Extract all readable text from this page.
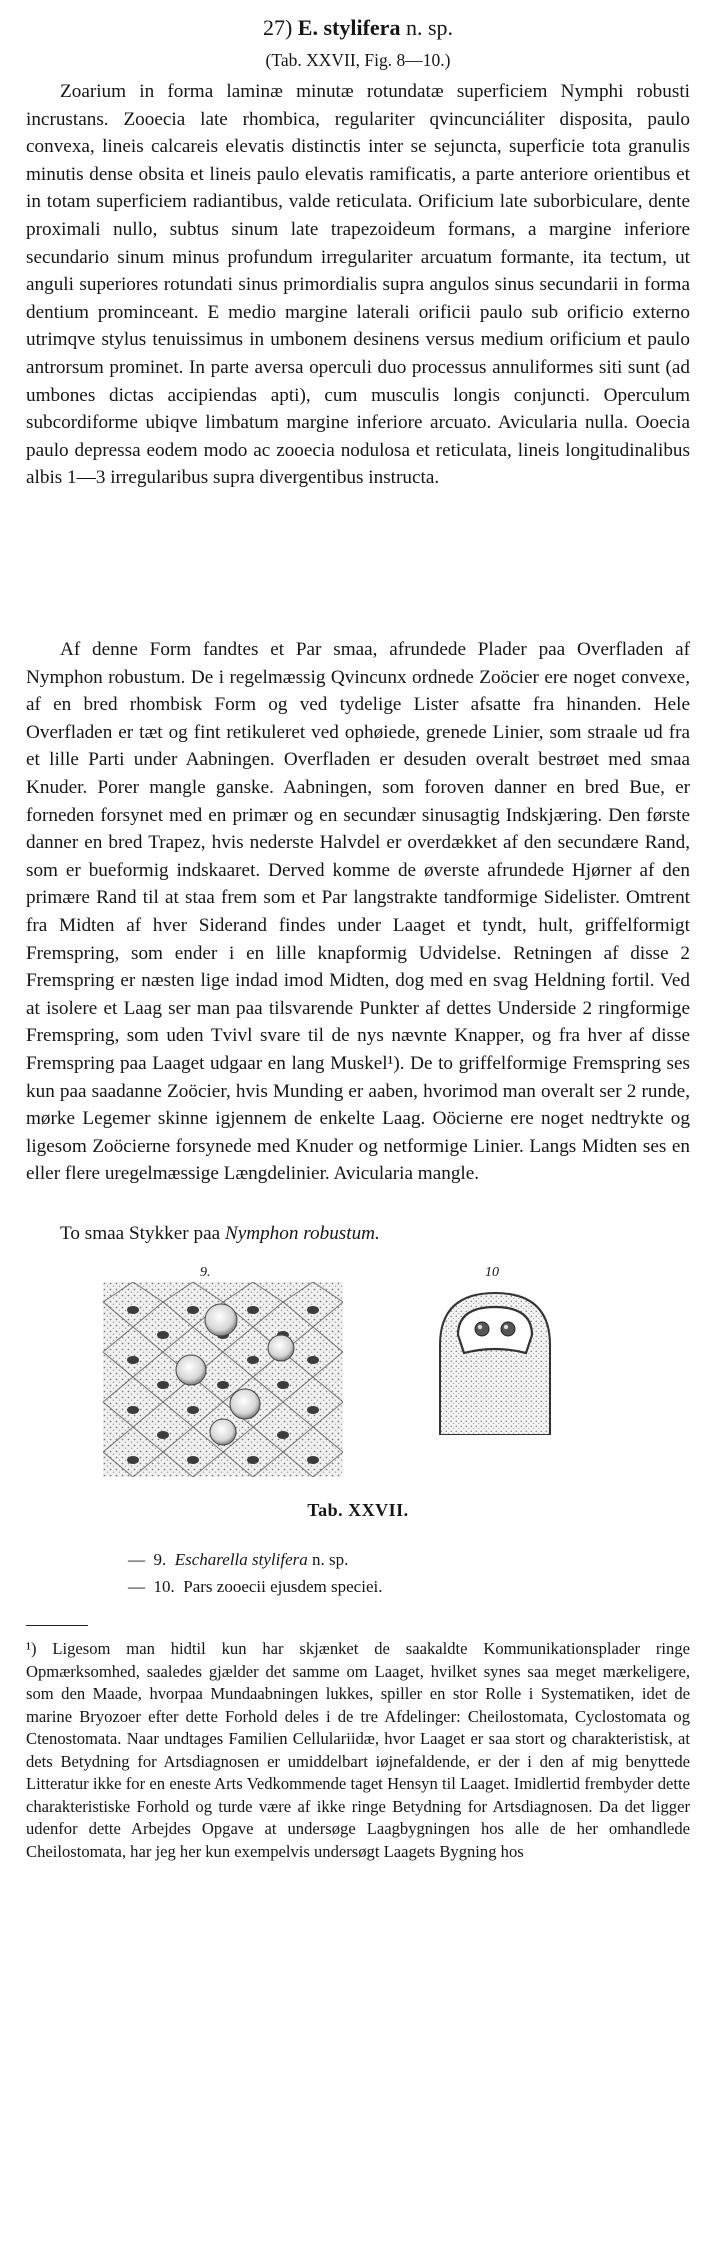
27) E. stylifera n. sp.
(Tab. XXVII, Fig. 8—10.)

Zoarium in forma laminæ minutæ rotundatæ superficiem Nymphi robusti incrustans. Zooecia late rhombica, regulariter qvincunciáliter disposita, paulo convexa, lineis calcareis elevatis distinctis inter se sejuncta, superficie tota granulis minutis dense obsita et lineis paulo elevatis ramificatis, a parte anteriore orientibus et in totam superficiem radiantibus, valde reticulata. Orificium late suborbiculare, dente proximali nullo, subtus sinum late trapezoideum formans, a margine inferiore secundario sinum minus profundum irregulariter arcuatum formante, ita tectum, ut anguli superiores rotundati sinus primordialis supra angulos sinus secundarii in forma dentium prominceant. E medio margine laterali orificii paulo sub orificio externo utrimqve stylus tenuissimus in umbonem desinens versus medium orificium et paulo antrorsum prominet. In parte aversa operculi duo processus annuliformes siti sunt (ad umbones dictas accipiendas apti), cum musculis longis conjuncti. Operculum subcordiforme ubiqve limbatum margine inferiore arcuato. Avicularia nulla. Ooecia paulo depressa eodem modo ac zooecia nodulosa et reticulata, lineis longitudinalibus albis 1—3 irregularibus supra divergentibus instructa.

Af denne Form fandtes et Par smaa, afrundede Plader paa Overfladen af Nymphon robustum. De i regelmæssig Qvincunx ordnede Zoöcier ere noget convexe, af en bred rhombisk Form og ved tydelige Lister afsatte fra hinanden. Hele Overfladen er tæt og fint retikuleret ved ophøiede, grenede Linier, som straale ud fra et lille Parti under Aabningen. Overfladen er desuden overalt bestrøet med smaa Knuder. Porer mangle ganske. Aabningen, som foroven danner en bred Bue, er forneden forsynet med en primær og en secundær sinusagtig Indskjæring. Den første danner en bred Trapez, hvis nederste Halvdel er overdækket af den secundære Rand, som er bueformig indskaaret. Derved komme de øverste afrundede Hjørner af den primære Rand til at staa frem som et Par langstrakte tandformige Sidelister. Omtrent fra Midten af hver Siderand findes under Laaget et tyndt, hult, griffelformigt Fremspring, som ender i en lille knapformig Udvidelse. Retningen af disse 2 Fremspring er næsten lige indad imod Midten, dog med en svag Heldning fortil. Ved at isolere et Laag ser man paa tilsvarende Punkter af dettes Underside 2 ringformige Fremspring, som uden Tvivl svare til de nys nævnte Knapper, og fra hver af disse Fremspring paa Laaget udgaar en lang Muskel¹). De to griffelformige Fremspring ses kun paa saadanne Zoöcier, hvis Munding er aaben, hvorimod man overalt ser 2 runde, mørke Legemer skinne igjennem de enkelte Laag. Oöcierne ere noget nedtrykte og ligesom Zoöcierne forsynede med Knuder og netformige Linier. Langs Midten ses en eller flere uregelmæssige Længdelinier. Avicularia mangle.

To smaa Stykker paa Nymphon robustum.

9.	10
Tab. XXVII.
— 9. Escharella stylifera n. sp.
— 10. Pars zooecii ejusdem speciei.

¹) Ligesom man hidtil kun har skjænket de saakaldte Kommunikationsplader ringe Opmærksomhed, saaledes gjælder det samme om Laaget, hvilket synes saa meget mærkeligere, som den Maade, hvorpaa Mundaabningen lukkes, spiller en stor Rolle i Systematiken, idet de marine Bryozoer efter dette Forhold deles i de tre Afdelinger: Cheilostomata, Cyclostomata og Ctenostomata. Naar undtages Familien Cellulariidæ, hvor Laaget er saa stort og charakteristisk, at dets Betydning for Artsdiagnosen er umiddelbart iøjnefaldende, er der i den af mig benyttede Litteratur ikke for en eneste Arts Vedkommende taget Hensyn til Laaget. Imidlertid frembyder dette charakteristiske Forhold og turde være af ikke ringe Betydning for Artsdiagnosen. Da det ligger udenfor dette Arbejdes Opgave at undersøge Laagbygningen hos alle de her omhandlede Cheilostomata, har jeg her kun exempelvis undersøgt Laagets Bygning hos
